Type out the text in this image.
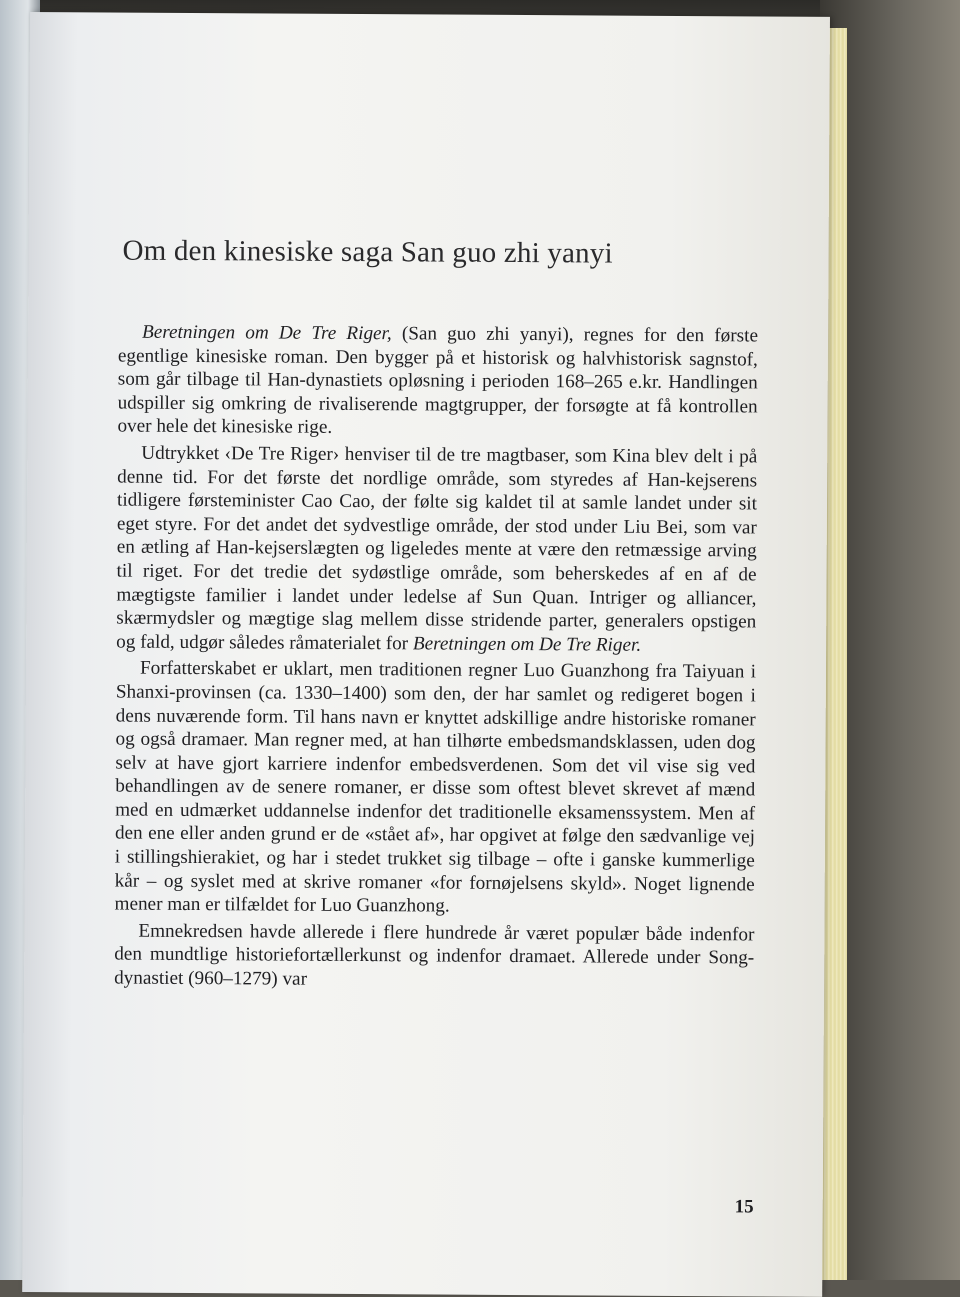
Om den kinesiske saga San guo zhi yanyi

Beretningen om De Tre Riger, (San guo zhi yanyi), regnes for den første egentlige kinesiske roman. Den bygger på et historisk og halvhistorisk sagnstof, som går tilbage til Han-dynastiets opløsning i perioden 168–265 e.kr. Handlingen udspiller sig omkring de rivaliserende magtgrupper, der forsøgte at få kontrollen over hele det kinesiske rige.

Udtrykket ‹De Tre Riger› henviser til de tre magtbaser, som Kina blev delt i på denne tid. For det første det nordlige område, som styredes af Han-kejserens tidligere førsteminister Cao Cao, der følte sig kaldet til at samle landet under sit eget styre. For det andet det sydvestlige område, der stod under Liu Bei, som var en ætling af Han-kejserslægten og ligeledes mente at være den retmæssige arving til riget. For det tredie det sydøstlige område, som beherskedes af en af de mægtigste familier i landet under ledelse af Sun Quan. Intriger og alliancer, skærmydsler og mægtige slag mellem disse stridende parter, generalers opstigen og fald, udgør således råmaterialet for Beretningen om De Tre Riger.

Forfatterskabet er uklart, men traditionen regner Luo Guanzhong fra Taiyuan i Shanxi-provinsen (ca. 1330–1400) som den, der har samlet og redigeret bogen i dens nuværende form. Til hans navn er knyttet adskillige andre historiske romaner og også dramaer. Man regner med, at han tilhørte embedsmandsklassen, uden dog selv at have gjort karriere indenfor embedsverdenen. Som det vil vise sig ved behandlingen av de senere romaner, er disse som oftest blevet skrevet af mænd med en udmærket uddannelse indenfor det traditionelle eksamenssystem. Men af den ene eller anden grund er de «stået af», har opgivet at følge den sædvanlige vej i stillingshierakiet, og har i stedet trukket sig tilbage – ofte i ganske kummerlige kår – og syslet med at skrive romaner «for fornøjelsens skyld». Noget lignende mener man er tilfældet for Luo Guanzhong.

Emnekredsen havde allerede i flere hundrede år været populær både indenfor den mundtlige historiefortællerkunst og indenfor dramaet. Allerede under Song-dynastiet (960–1279) var

15
